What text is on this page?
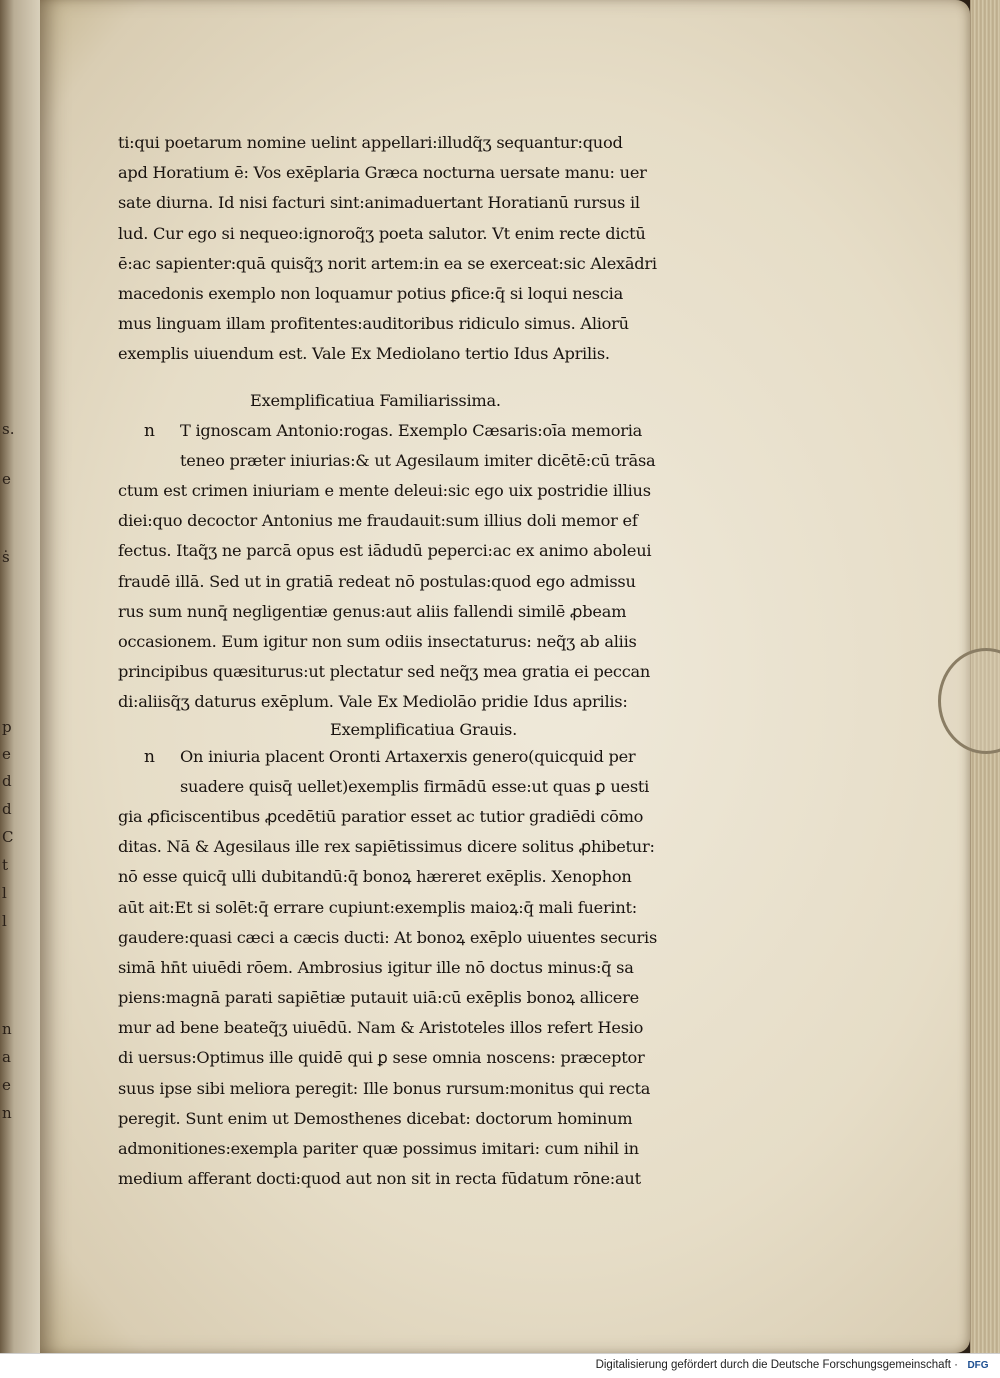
s.
e
ṡ
p
e
d
d
C
t
l
l
n
a
e
n
ti:qui poetarum nomine uelint appellari:illudq̃ʒ sequantur:quod
apd Horatium ē: Vos exēplaria Græca nocturna uersate manu: uer
sate diurna. Id nisi facturi sint:animaduertant Horatianū rursus il
lud. Cur ego si nequeo:ignoroq̃ʒ poeta salutor. Vt enim recte dictū
ē:ac sapienter:quā quisq̃ʒ norit artem:in ea se exerceat:sic Alexādri
macedonis exemplo non loquamur potius ꝑfice:q̄ si loqui nescia
mus linguam illam profitentes:auditoribus ridiculo simus. Aliorū
exemplis uiuendum est. Vale Ex Mediolano tertio Idus Aprilis.
Exemplificatiua Familiarissima.
n T ignoscam Antonio:rogas. Exemplo Cæsaris:oīa memoria
teneo præter iniurias:& ut Agesilaum imiter dicētē:cū trāsa
ctum est crimen iniuriam e mente deleui:sic ego uix postridie illius
diei:quo decoctor Antonius me fraudauit:sum illius doli memor ef
fectus. Itaq̃ʒ ne parcā opus est iādudū peperci:ac ex animo aboleui
fraudē illā. Sed ut in gratiā redeat nō postulas:quod ego admissu
rus sum nunq̄ negligentiæ genus:aut aliis fallendi similē ꝓbeam
occasionem. Eum igitur non sum odiis insectaturus: neq̃ʒ ab aliis
principibus quæsiturus:ut plectatur sed neq̃ʒ mea gratia ei peccan
di:aliisq̃ʒ daturus exēplum. Vale Ex Mediolāo pridie Idus aprilis:
Exemplificatiua Grauis.
n On iniuria placent Oronti Artaxerxis genero(quicquid per
suadere quisq̄ uellet)exemplis firmādū esse:ut quas ꝑ uesti
gia ꝓficiscentibus ꝓcedētiū paratior esset ac tutior gradiēdi cōmo
ditas. Nā & Agesilaus ille rex sapiētissimus dicere solitus ꝓhibetur:
nō esse quicq̄ ulli dubitandū:q̄ bonoꝝ hæreret exēplis. Xenophon
aūt ait:Et si solēt:q̄ errare cupiunt:exemplis maioꝝ:q̄ mali fuerint:
gaudere:quasi cæci a cæcis ducti: At bonoꝝ exēplo uiuentes securis
simā hn̄t uiuēdi rōem. Ambrosius igitur ille nō doctus minus:q̄ sa
piens:magnā parati sapiētiæ putauit uiā:cū exēplis bonoꝝ allicere
mur ad bene beateq̃ʒ uiuēdū. Nam & Aristoteles illos refert Hesio
di uersus:Optimus ille quidē qui ꝑ sese omnia noscens: præceptor
suus ipse sibi meliora peregit: Ille bonus rursum:monitus qui recta
peregit. Sunt enim ut Demosthenes dicebat: doctorum hominum
admonitiones:exempla pariter quæ possimus imitari: cum nihil in
medium afferant docti:quod aut non sit in recta fūdatum rōne:aut
Digitalisierung gefördert durch die Deutsche Forschungsgemeinschaft · DFG
